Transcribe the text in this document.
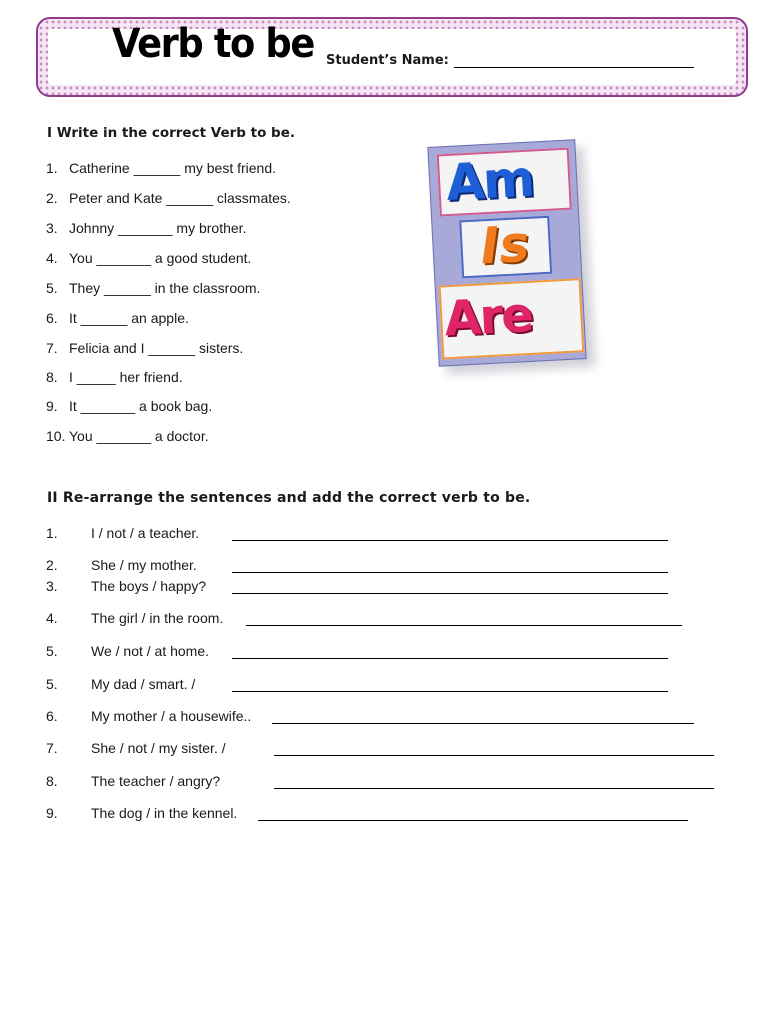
Verb to be Student’s Name:
I Write in the correct Verb to be.
1. Catherine ______ my best friend.
2. Peter and Kate ______ classmates.
3. Johnny _______ my brother.
4. You _______ a good student.
5. They ______ in the classroom.
6. It ______ an apple.
7. Felicia and I ______ sisters.
8. I _____ her friend.
9. It _______ a book bag.
10. You _______ a doctor.
Am
Is
Are
II Re-arrange the sentences and add the correct verb to be.
1. I / not / a teacher.
2. She / my mother.
3. The boys / happy?
4. The girl / in the room.
5. We / not / at home.
5. My dad / smart. /
6. My mother / a housewife..
7. She / not / my sister. /
8. The teacher / angry?
9. The dog / in the kennel.
